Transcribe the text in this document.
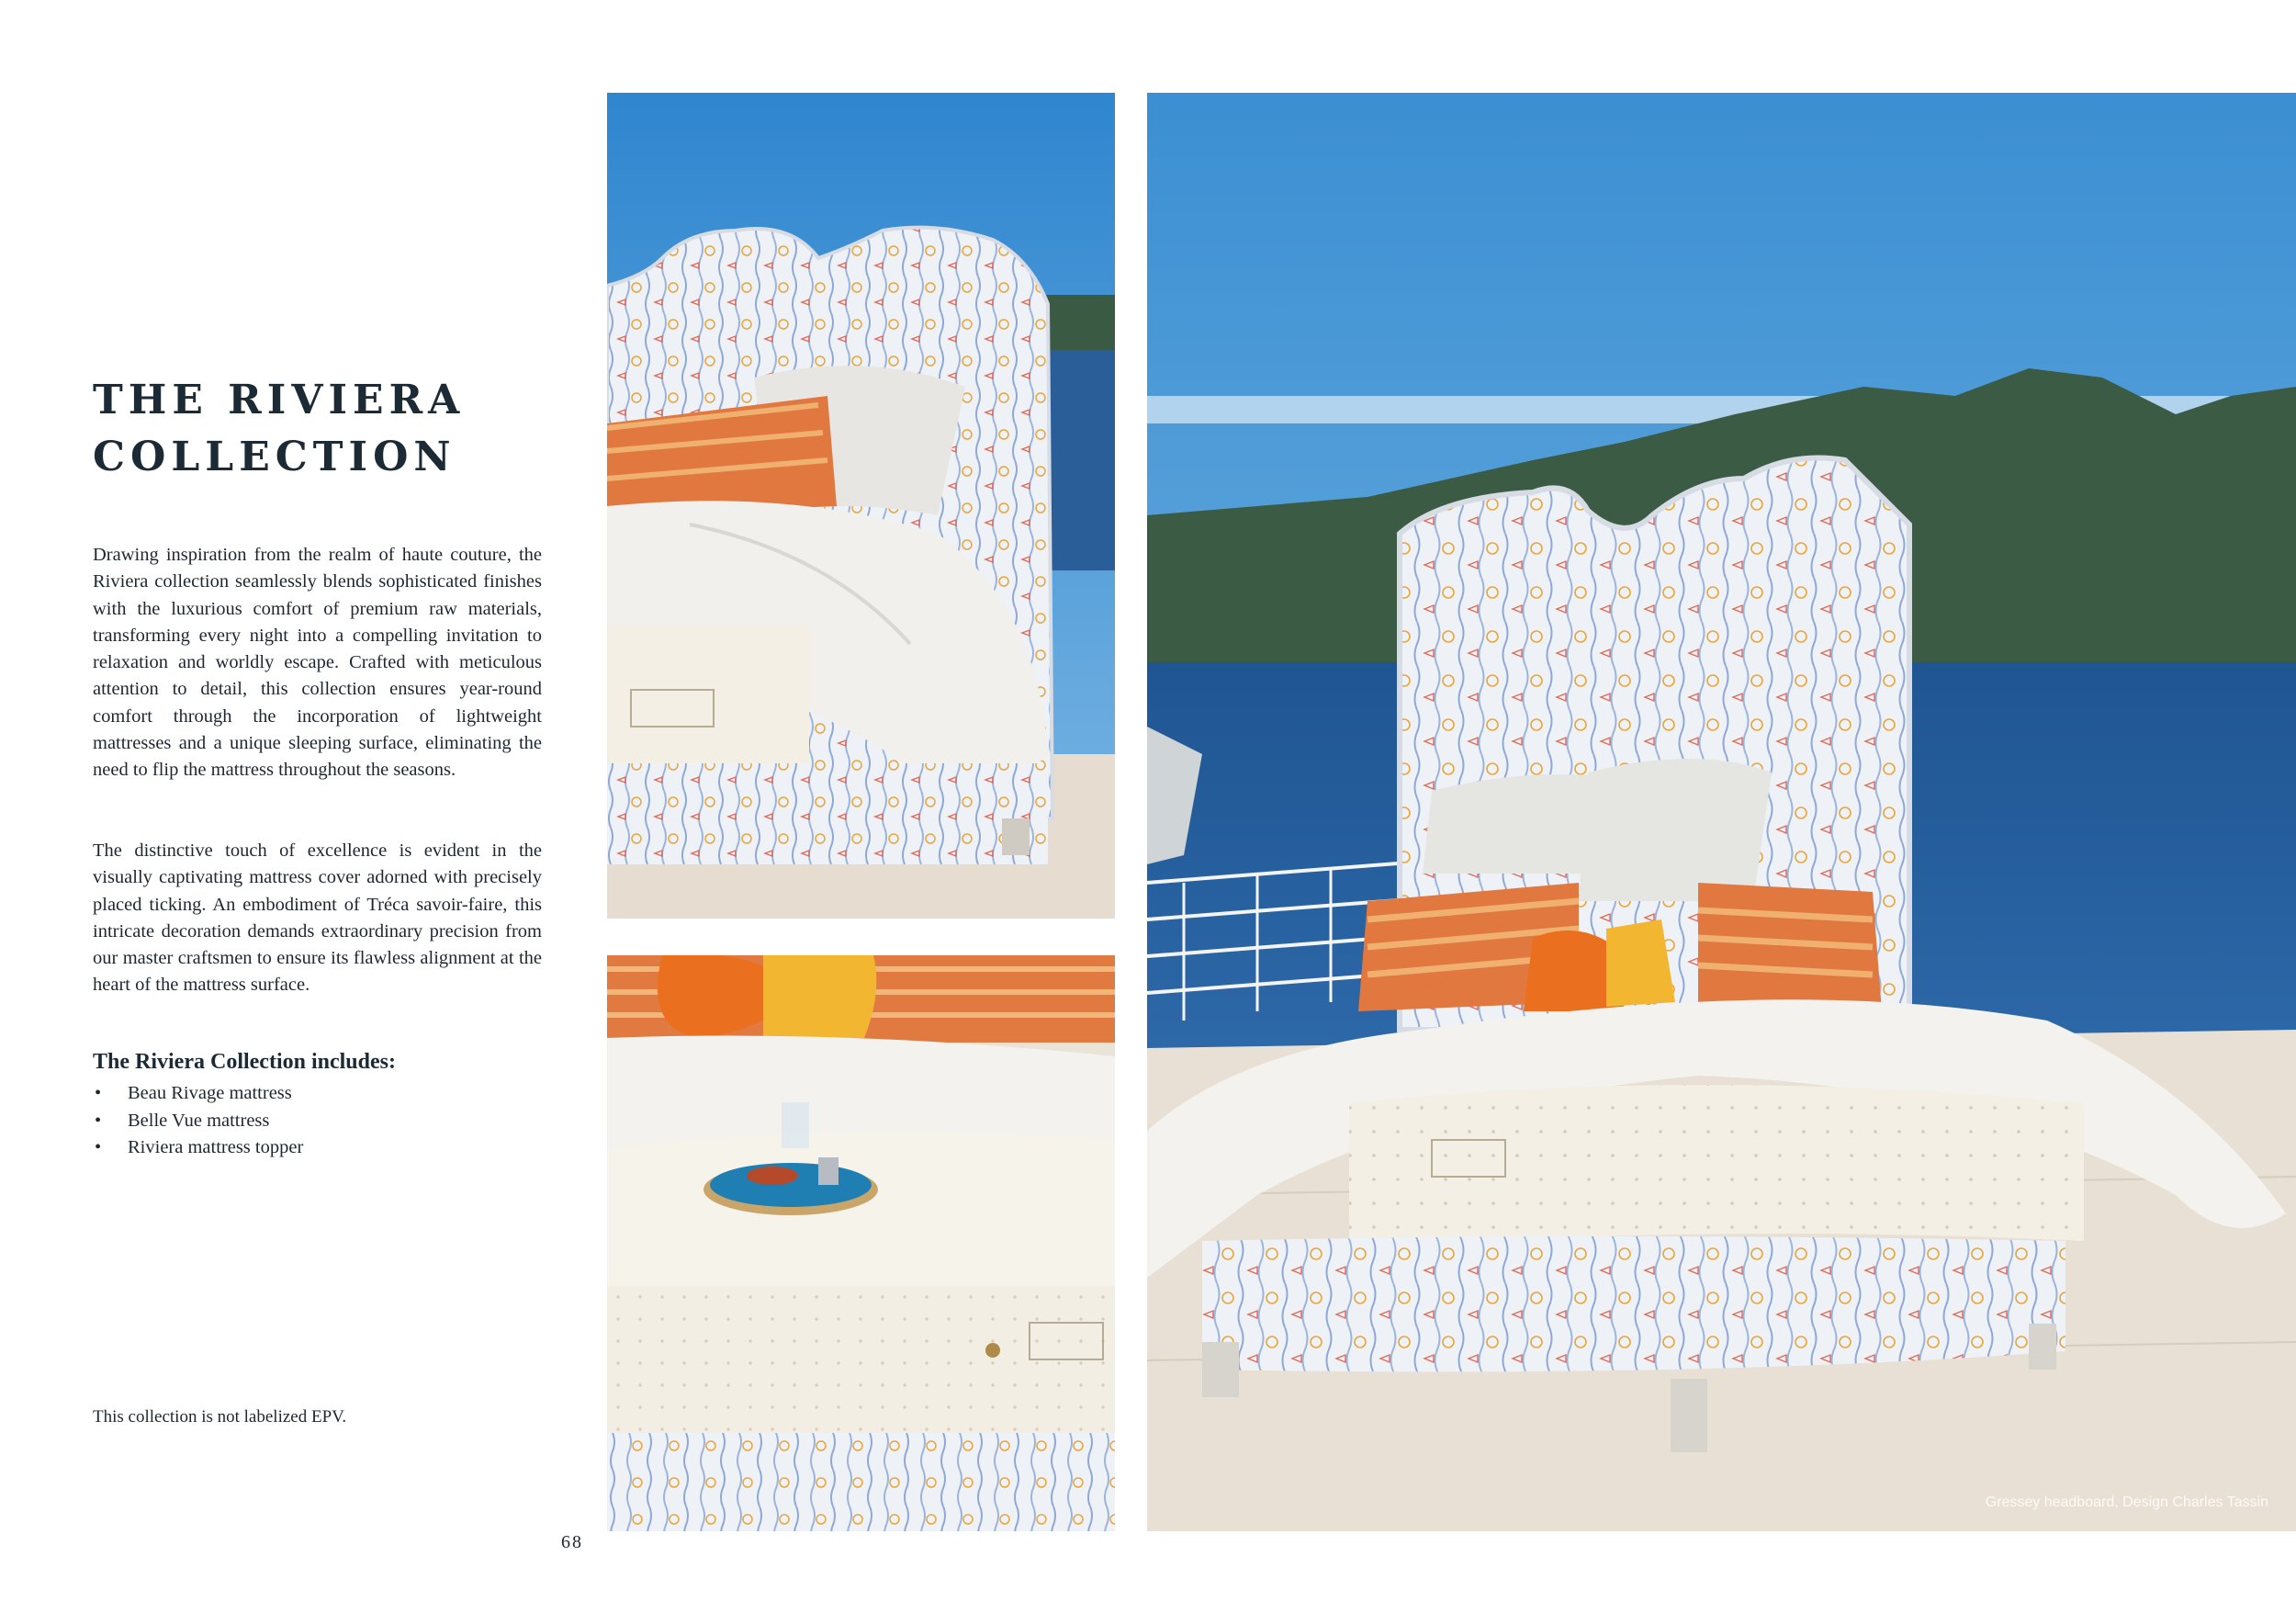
THE RIVIERA
COLLECTION

Drawing inspiration from the realm of haute couture, the Riviera collection seamlessly blends sophisticated finishes with the luxurious comfort of premium raw materials, transforming every night into a compelling invitation to relaxation and worldly escape. Crafted with meticulous attention to detail, this collection ensures year-round comfort through the incorporation of lightweight mattresses and a unique sleeping surface, eliminating the need to flip the mattress throughout the seasons.

The distinctive touch of excellence is evident in the visually captivating mattress cover adorned with precisely placed ticking. An embodiment of Tréca savoir-faire, this intricate decoration demands extraordinary precision from our master craftsmen to ensure its flawless alignment at the heart of the mattress surface.

The Riviera Collection includes:
• Beau Rivage mattress
• Belle Vue mattress
• Riviera mattress topper
This collection is not labelized EPV.
68
Gressey headboard, Design Charles Tassin
